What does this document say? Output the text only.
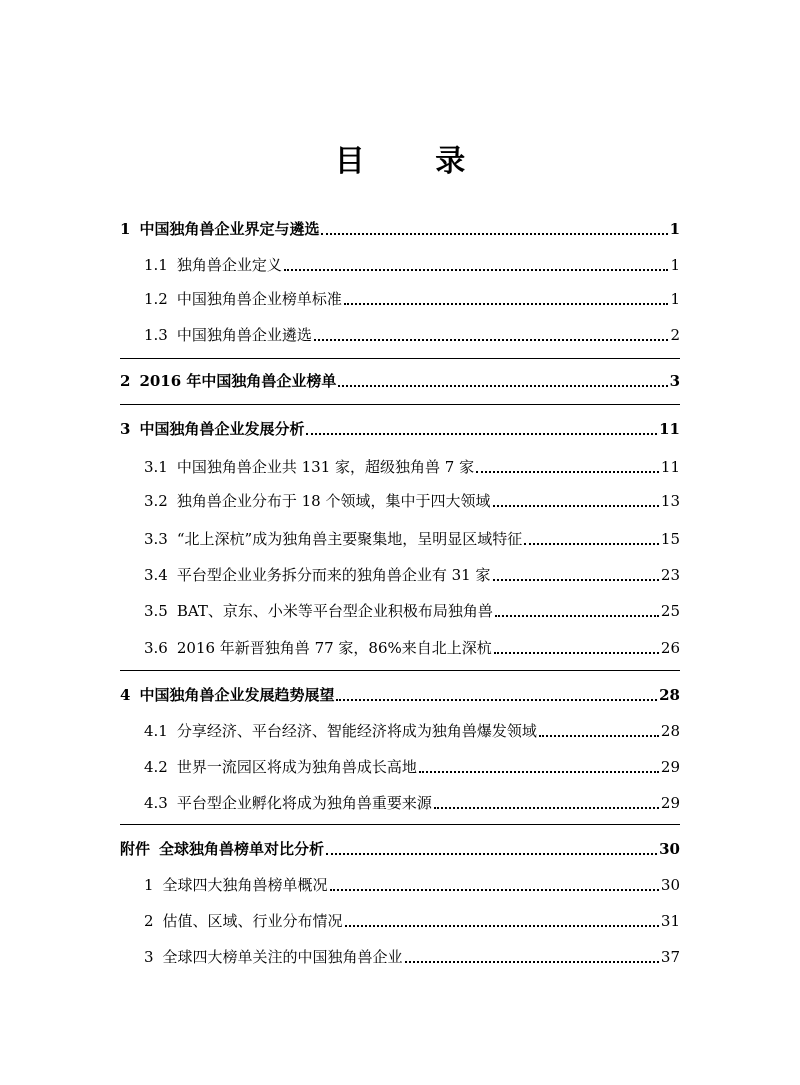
目 录
1 中国独角兽企业界定与遴选	1
1.1 独角兽企业定义	1
1.2 中国独角兽企业榜单标准	1
1.3 中国独角兽企业遴选	2
2 2016 年中国独角兽企业榜单	3
3 中国独角兽企业发展分析	11
3.1 中国独角兽企业共 131 家，超级独角兽 7 家	11
3.2 独角兽企业分布于 18 个领域，集中于四大领域	13
3.3 “北上深杭”成为独角兽主要聚集地，呈明显区域特征	15
3.4 平台型企业业务拆分而来的独角兽企业有 31 家	23
3.5 BAT、京东、小米等平台型企业积极布局独角兽	25
3.6 2016 年新晋独角兽 77 家，86%来自北上深杭	26
4 中国独角兽企业发展趋势展望	28
4.1 分享经济、平台经济、智能经济将成为独角兽爆发领域	28
4.2 世界一流园区将成为独角兽成长高地	29
4.3 平台型企业孵化将成为独角兽重要来源	29
附件 全球独角兽榜单对比分析	30
1 全球四大独角兽榜单概况	30
2 估值、区域、行业分布情况	31
3 全球四大榜单关注的中国独角兽企业	37
